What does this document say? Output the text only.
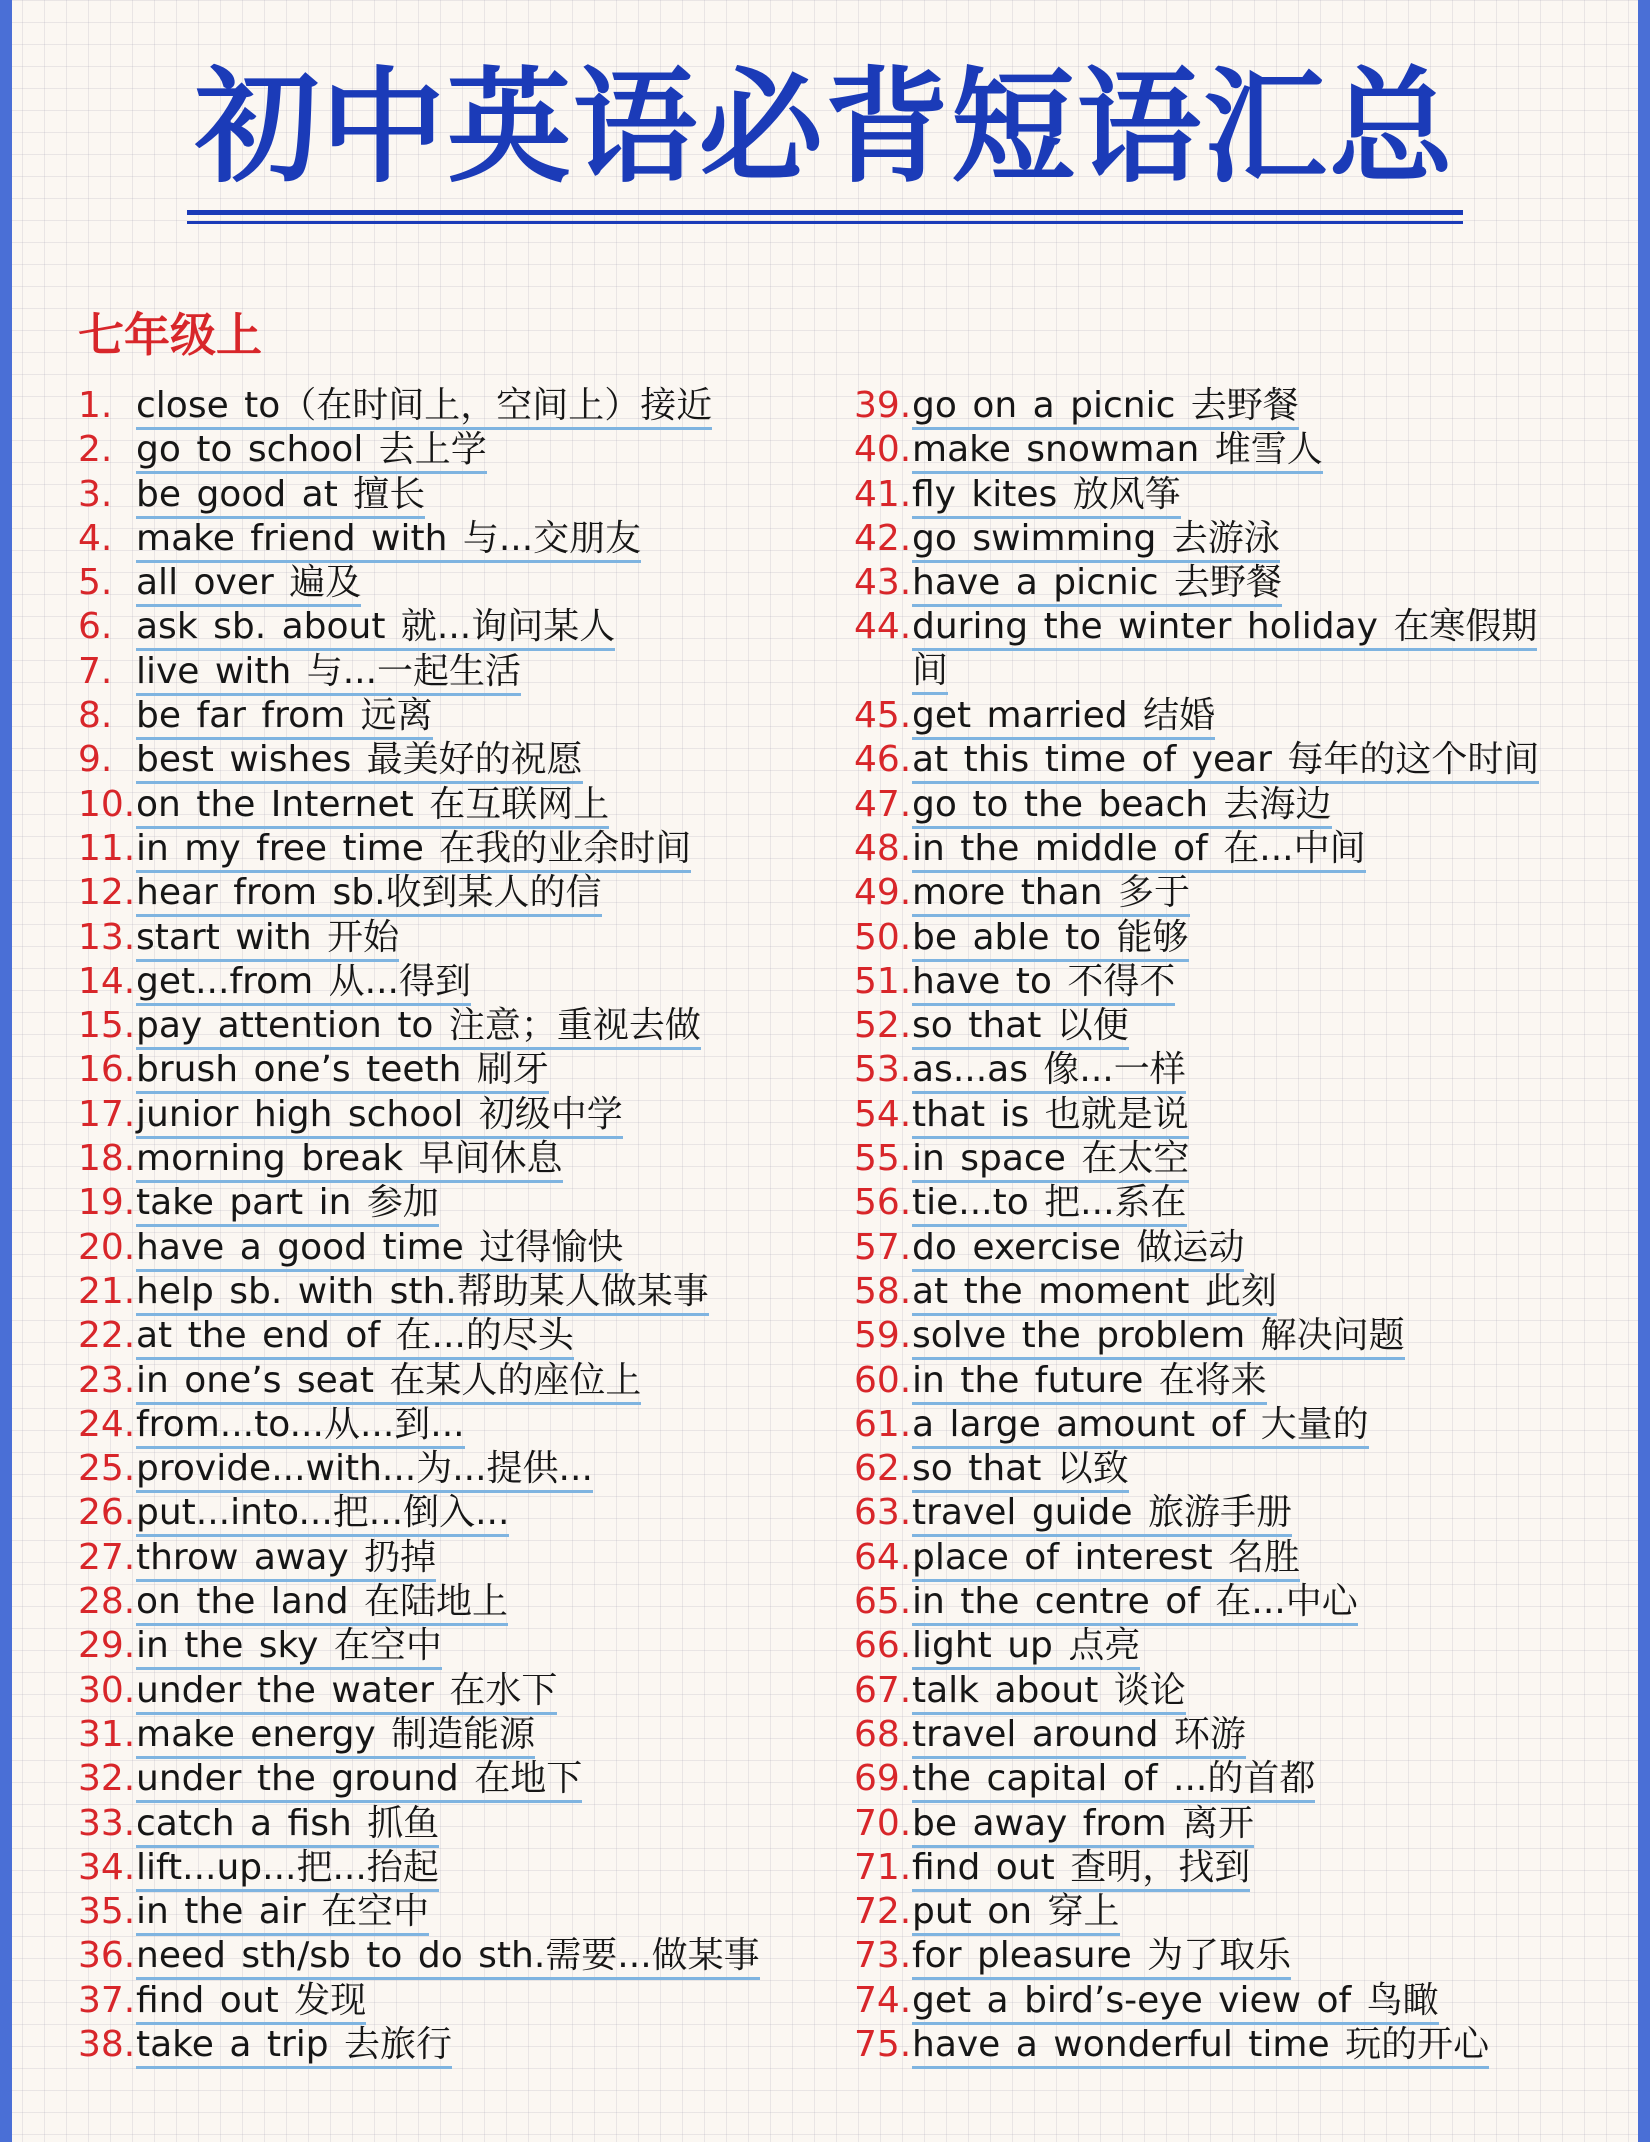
初中英语必背短语汇总
七年级上
1. close to（在时间上，空间上）接近
2. go to school 去上学
3. be good at 擅长
4. make friend with 与...交朋友
5. all over 遍及
6. ask sb. about 就...询问某人
7. live with 与...一起生活
8. be far from 远离
9. best wishes 最美好的祝愿
10. on the Internet 在互联网上
11. in my free time 在我的业余时间
12. hear from sb.收到某人的信
13. start with 开始
14. get...from 从...得到
15. pay attention to 注意；重视去做
16. brush one’s teeth 刷牙
17. junior high school 初级中学
18. morning break 早间休息
19. take part in 参加
20. have a good time 过得愉快
21. help sb. with sth.帮助某人做某事
22. at the end of 在...的尽头
23. in one’s seat 在某人的座位上
24. from...to...从...到...
25. provide...with...为...提供...
26. put...into...把...倒入...
27. throw away 扔掉
28. on the land 在陆地上
29. in the sky 在空中
30. under the water 在水下
31. make energy 制造能源
32. under the ground 在地下
33. catch a fish 抓鱼
34. lift...up...把...抬起
35. in the air 在空中
36. need sth/sb to do sth.需要...做某事
37. find out 发现
38. take a trip 去旅行
39. go on a picnic 去野餐
40. make snowman 堆雪人
41. fly kites 放风筝
42. go swimming 去游泳
43. have a picnic 去野餐
44. during the winter holiday 在寒假期间
45. get married 结婚
46. at this time of year 每年的这个时间
47. go to the beach 去海边
48. in the middle of 在...中间
49. more than 多于
50. be able to 能够
51. have to 不得不
52. so that 以便
53. as...as 像...一样
54. that is 也就是说
55. in space 在太空
56. tie...to 把...系在
57. do exercise 做运动
58. at the moment 此刻
59. solve the problem 解决问题
60. in the future 在将来
61. a large amount of 大量的
62. so that 以致
63. travel guide 旅游手册
64. place of interest 名胜
65. in the centre of 在...中心
66. light up 点亮
67. talk about 谈论
68. travel around 环游
69. the capital of ...的首都
70. be away from 离开
71. find out 查明，找到
72. put on 穿上
73. for pleasure 为了取乐
74. get a bird’s-eye view of 鸟瞰
75. have a wonderful time 玩的开心
